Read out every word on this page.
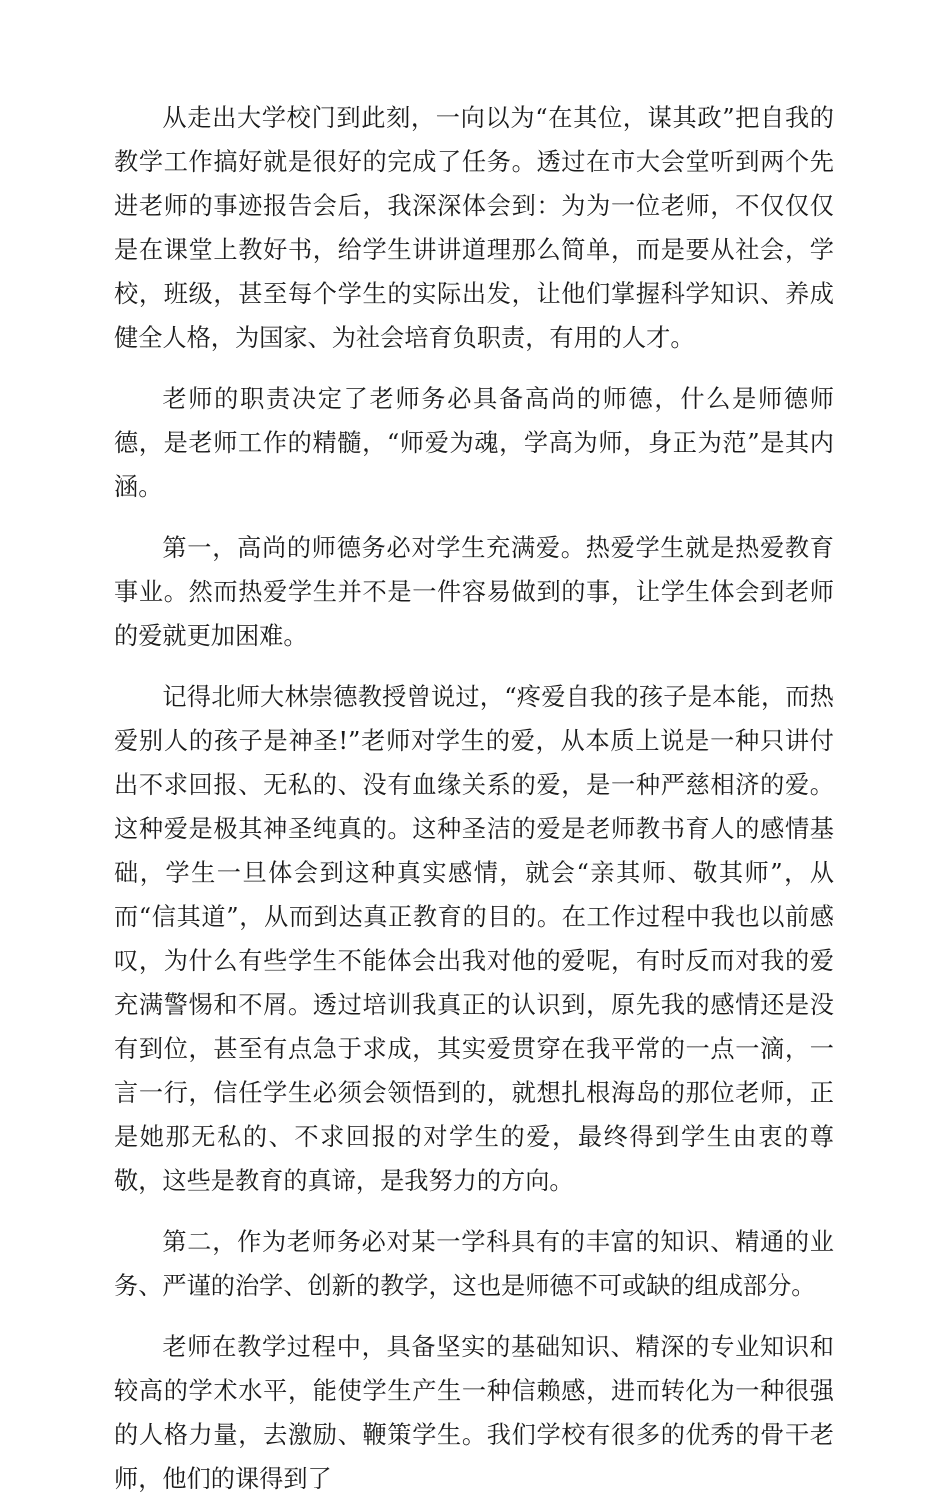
从走出大学校门到此刻，一向以为“在其位，谋其政”把自我的教学工作搞好就是很好的完成了任务。透过在市大会堂听到两个先进老师的事迹报告会后，我深深体会到：为为一位老师，不仅仅仅是在课堂上教好书，给学生讲讲道理那么简单，而是要从社会，学校，班级，甚至每个学生的实际出发，让他们掌握科学知识、养成健全人格，为国家、为社会培育负职责，有用的人才。

老师的职责决定了老师务必具备高尚的师德，什么是师德师德，是老师工作的精髓，“师爱为魂，学高为师，身正为范”是其内涵。

第一，高尚的师德务必对学生充满爱。热爱学生就是热爱教育事业。然而热爱学生并不是一件容易做到的事，让学生体会到老师的爱就更加困难。

记得北师大林崇德教授曾说过，“疼爱自我的孩子是本能，而热爱别人的孩子是神圣!”老师对学生的爱，从本质上说是一种只讲付出不求回报、无私的、没有血缘关系的爱，是一种严慈相济的爱。这种爱是极其神圣纯真的。这种圣洁的爱是老师教书育人的感情基础，学生一旦体会到这种真实感情，就会“亲其师、敬其师”，从而“信其道”，从而到达真正教育的目的。在工作过程中我也以前感叹，为什么有些学生不能体会出我对他的爱呢，有时反而对我的爱充满警惕和不屑。透过培训我真正的认识到，原先我的感情还是没有到位，甚至有点急于求成，其实爱贯穿在我平常的一点一滴，一言一行，信任学生必须会领悟到的，就想扎根海岛的那位老师，正是她那无私的、不求回报的对学生的爱，最终得到学生由衷的尊敬，这些是教育的真谛，是我努力的方向。

第二，作为老师务必对某一学科具有的丰富的知识、精通的业务、严谨的治学、创新的教学，这也是师德不可或缺的组成部分。

老师在教学过程中，具备坚实的基础知识、精深的专业知识和较高的学术水平，能使学生产生一种信赖感，进而转化为一种很强的人格力量，去激励、鞭策学生。我们学校有很多的优秀的骨干老师，他们的课得到了
